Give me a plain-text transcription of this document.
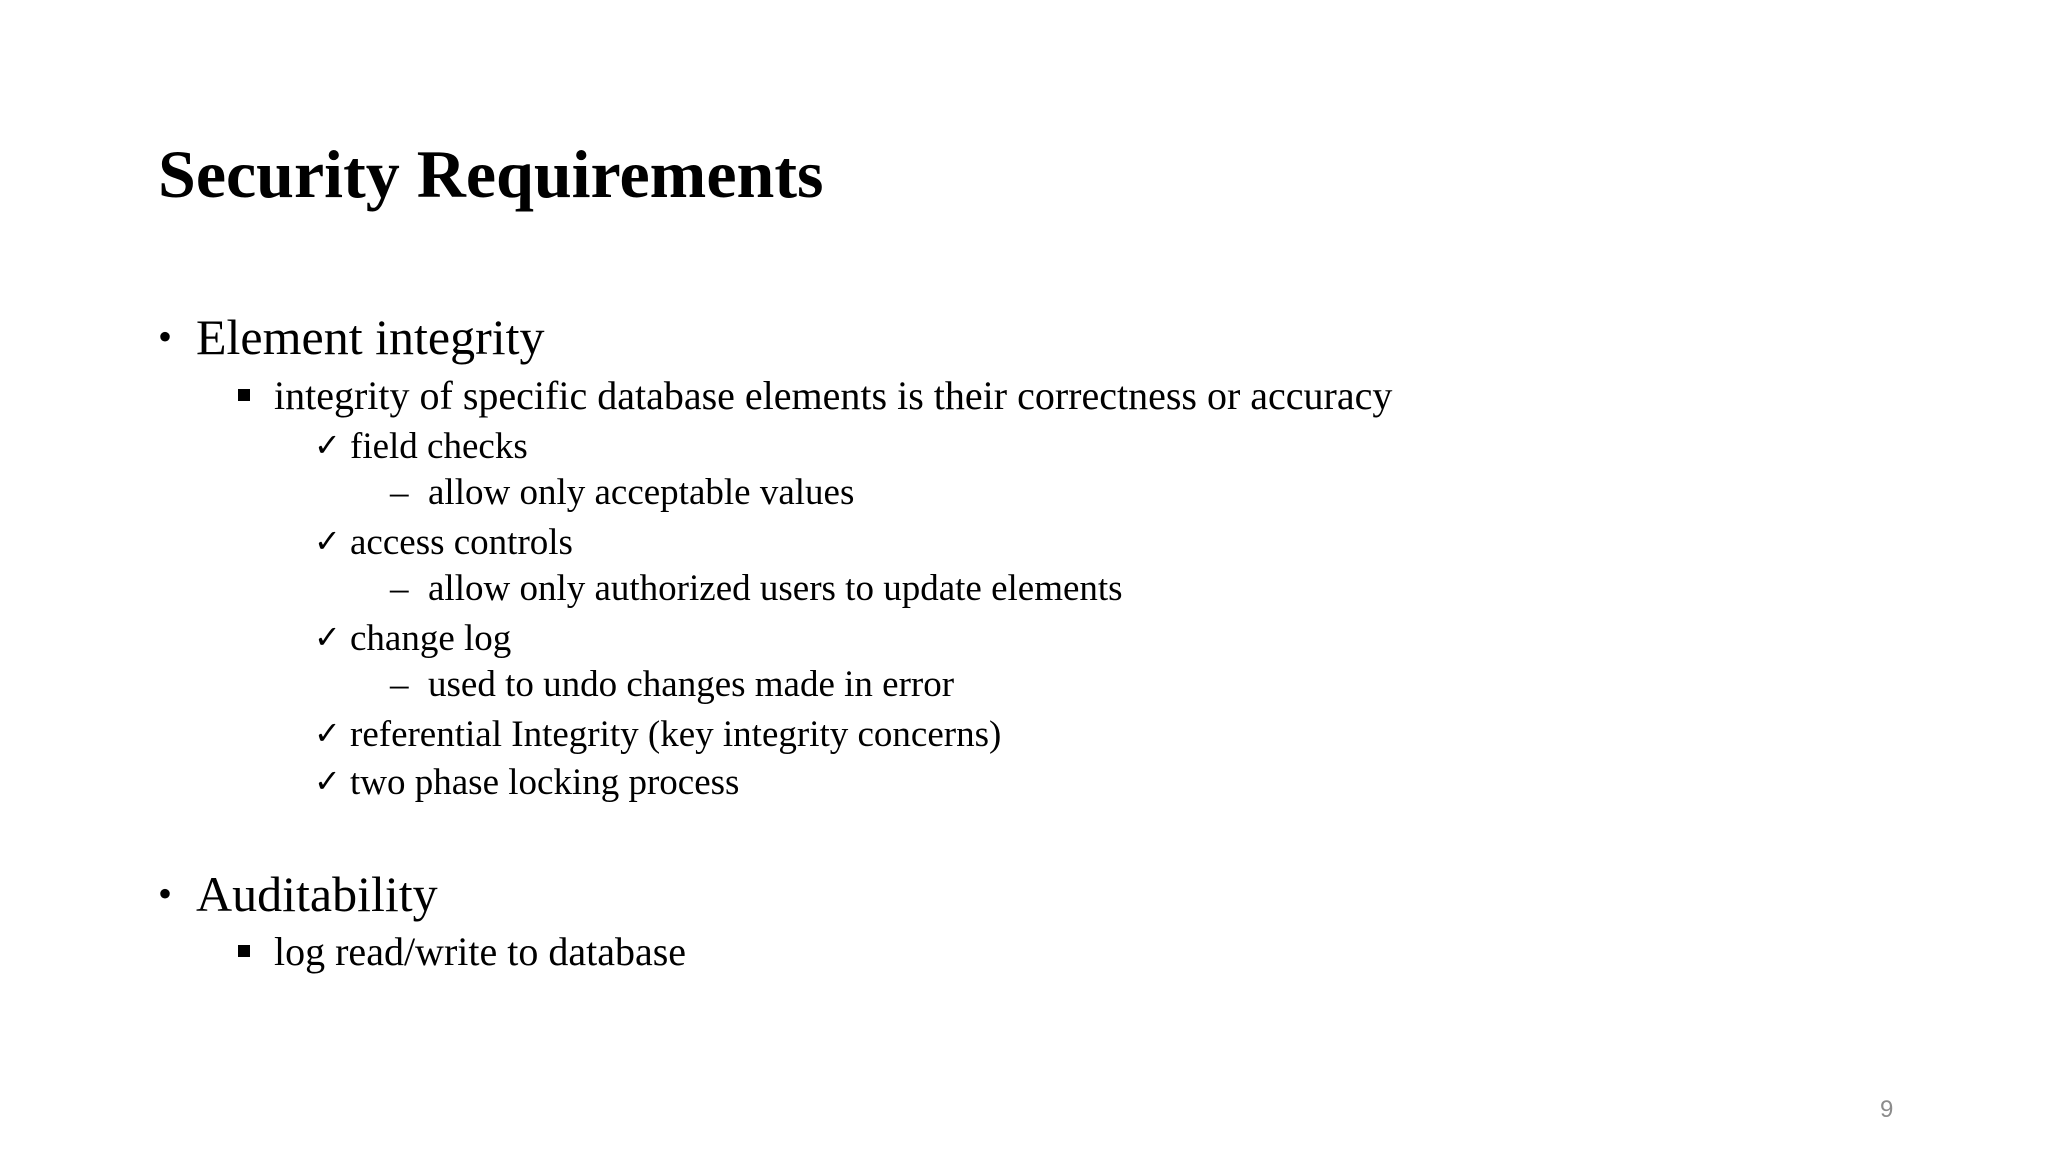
Security Requirements
• Element integrity
integrity of specific database elements is their correctness or accuracy
✓ field checks
– allow only acceptable values
✓ access controls
– allow only authorized users to update elements
✓ change log
– used to undo changes made in error
✓ referential Integrity (key integrity concerns)
✓ two phase locking process
• Auditability
log read/write to database
9
